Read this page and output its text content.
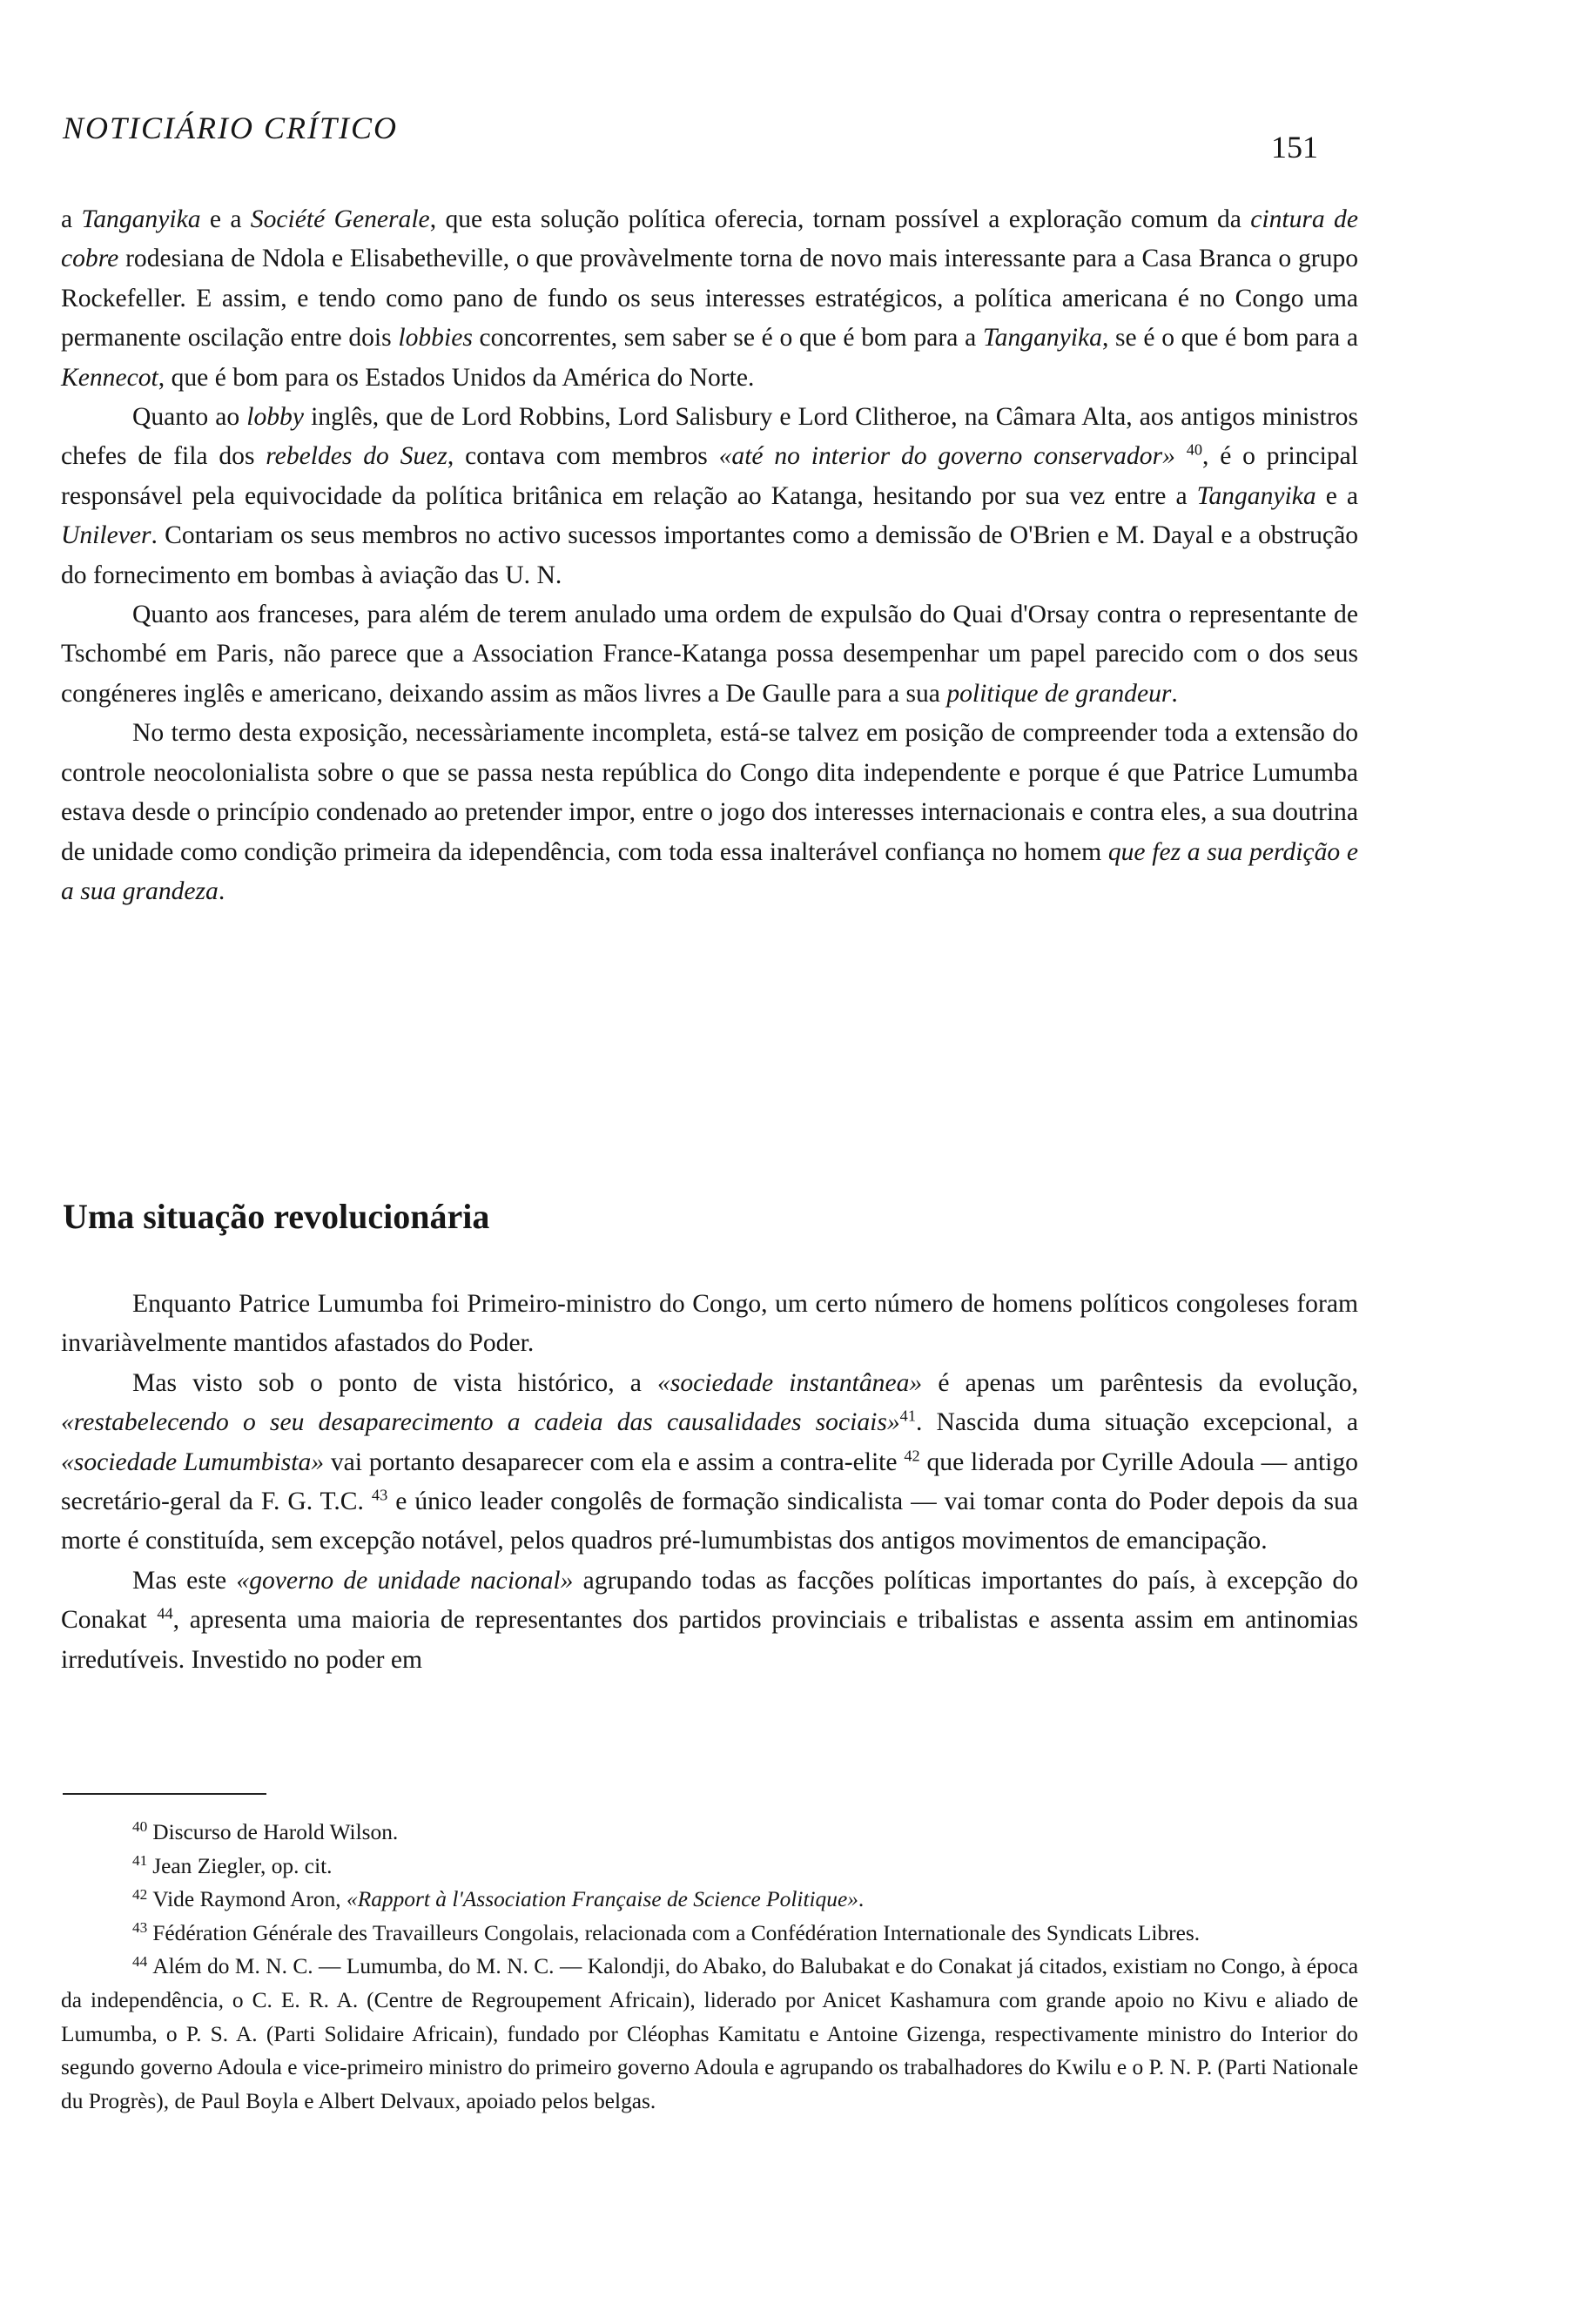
NOTICIÁRIO CRÍTICO
151

a Tanganyika e a Société Generale, que esta solução política oferecia, tornam possível a exploração comum da cintura de cobre rodesiana de Ndola e Elisabetheville, o que provàvelmente torna de novo mais interessante para a Casa Branca o grupo Rockefeller. E assim, e tendo como pano de fundo os seus interesses estratégicos, a política americana é no Congo uma permanente oscilação entre dois lobbies concorrentes, sem saber se é o que é bom para a Tanganyika, se é o que é bom para a Kennecot, que é bom para os Estados Unidos da América do Norte.

Quanto ao lobby inglês, que de Lord Robbins, Lord Salisbury e Lord Clitheroe, na Câmara Alta, aos antigos ministros chefes de fila dos rebeldes do Suez, contava com membros «até no interior do governo conservador» $^{40}$, é o principal responsável pela equivocidade da política britânica em relação ao Katanga, hesitando por sua vez entre a Tanganyika e a Unilever. Contariam os seus membros no activo sucessos importantes como a demissão de O'Brien e M. Dayal e a obstrução do fornecimento em bombas à aviação das U. N.

Quanto aos franceses, para além de terem anulado uma ordem de expulsão do Quai d'Orsay contra o representante de Tschombé em Paris, não parece que a Association France-Katanga possa desempenhar um papel parecido com o dos seus congéneres inglês e americano, deixando assim as mãos livres a De Gaulle para a sua politique de grandeur.

No termo desta exposição, necessàriamente incompleta, está-se talvez em posição de compreender toda a extensão do controle neocolonialista sobre o que se passa nesta república do Congo dita independente e porque é que Patrice Lumumba estava desde o princípio condenado ao pretender impor, entre o jogo dos interesses internacionais e contra eles, a sua doutrina de unidade como condição primeira da idependência, com toda essa inalterável confiança no homem que fez a sua perdição e a sua grandeza.

Uma situação revolucionária

Enquanto Patrice Lumumba foi Primeiro-ministro do Congo, um certo número de homens políticos congoleses foram invariàvelmente mantidos afastados do Poder.

Mas visto sob o ponto de vista histórico, a «sociedade instantânea» é apenas um parêntesis da evolução, «restabelecendo o seu desaparecimento a cadeia das causalidades sociais»$^{41}$. Nascida duma situação excepcional, a «sociedade Lumumbista» vai portanto desaparecer com ela e assim a contra-elite $^{42}$ que liderada por Cyrille Adoula — antigo secretário-geral da F. G. T.C. $^{43}$ e único leader congolês de formação sindicalista — vai tomar conta do Poder depois da sua morte é constituída, sem excepção notável, pelos quadros pré-lumumbistas dos antigos movimentos de emancipação.

Mas este «governo de unidade nacional» agrupando todas as facções políticas importantes do país, à excepção do Conakat $^{44}$, apresenta uma maioria de representantes dos partidos provinciais e tribalistas e assenta assim em antinomias irredutíveis. Investido no poder em

$^{40}$ Discurso de Harold Wilson.

$^{41}$ Jean Ziegler, op. cit.

$^{42}$ Vide Raymond Aron, «Rapport à l'Association Française de Science Politique».

$^{43}$ Fédération Générale des Travailleurs Congolais, relacionada com a Confédération Internationale des Syndicats Libres.

$^{44}$ Além do M. N. C. — Lumumba, do M. N. C. — Kalondji, do Abako, do Balubakat e do Conakat já citados, existiam no Congo, à época da independência, o C. E. R. A. (Centre de Regroupement Africain), liderado por Anicet Kashamura com grande apoio no Kivu e aliado de Lumumba, o P. S. A. (Parti Solidaire Africain), fundado por Cléophas Kamitatu e Antoine Gizenga, respectivamente ministro do Interior do segundo governo Adoula e vice-primeiro ministro do primeiro governo Adoula e agrupando os trabalhadores do Kwilu e o P. N. P. (Parti Nationale du Progrès), de Paul Boyla e Albert Delvaux, apoiado pelos belgas.
